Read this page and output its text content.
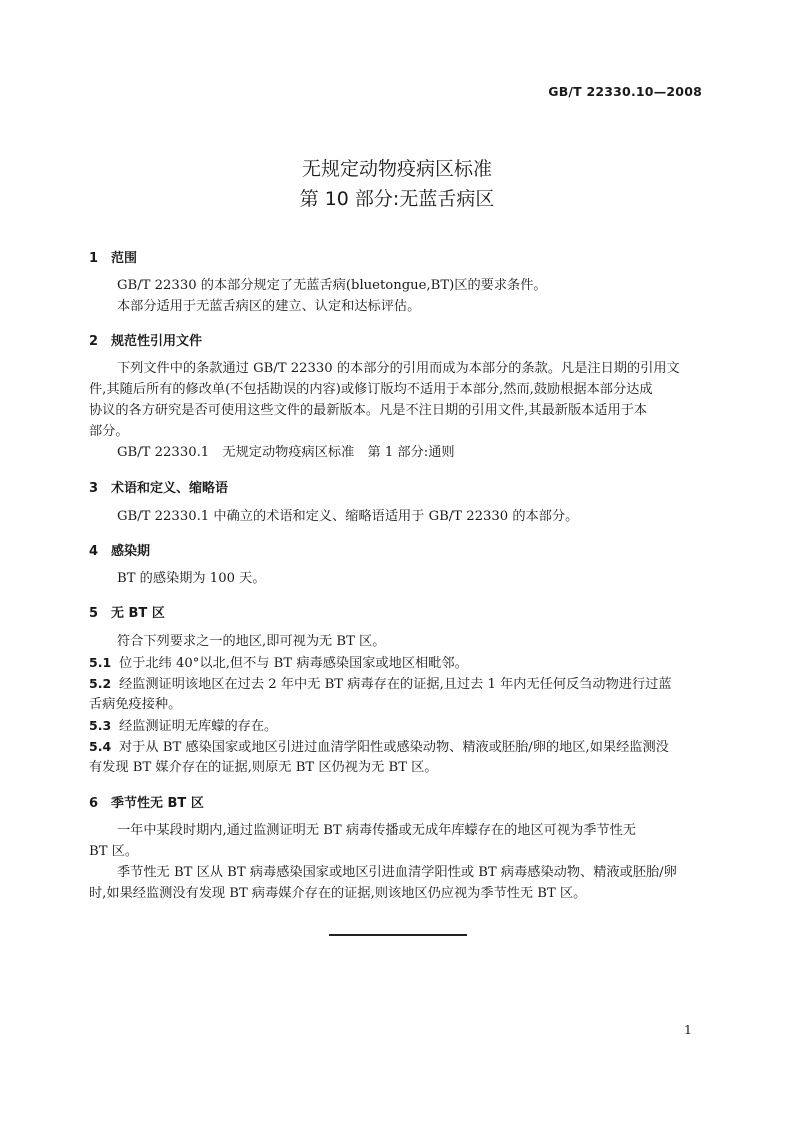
GB/T 22330.10—2008
无规定动物疫病区标准
第 10 部分:无蓝舌病区
1 范围
GB/T 22330 的本部分规定了无蓝舌病(bluetongue,BT)区的要求条件。
本部分适用于无蓝舌病区的建立、认定和达标评估。
2 规范性引用文件
下列文件中的条款通过 GB/T 22330 的本部分的引用而成为本部分的条款。凡是注日期的引用文
件,其随后所有的修改单(不包括勘误的内容)或修订版均不适用于本部分,然而,鼓励根据本部分达成
协议的各方研究是否可使用这些文件的最新版本。凡是不注日期的引用文件,其最新版本适用于本
部分。
GB/T 22330.1　无规定动物疫病区标准　第 1 部分:通则
3 术语和定义、缩略语
GB/T 22330.1 中确立的术语和定义、缩略语适用于 GB/T 22330 的本部分。
4 感染期
BT 的感染期为 100 天。
5 无 BT 区
符合下列要求之一的地区,即可视为无 BT 区。
5.1 位于北纬 40°以北,但不与 BT 病毒感染国家或地区相毗邻。
5.2 经监测证明该地区在过去 2 年中无 BT 病毒存在的证据,且过去 1 年内无任何反刍动物进行过蓝
舌病免疫接种。
5.3 经监测证明无库蠓的存在。
5.4 对于从 BT 感染国家或地区引进过血清学阳性或感染动物、精液或胚胎/卵的地区,如果经监测没
有发现 BT 媒介存在的证据,则原无 BT 区仍视为无 BT 区。
6 季节性无 BT 区
一年中某段时期内,通过监测证明无 BT 病毒传播或无成年库蠓存在的地区可视为季节性无
BT 区。
季节性无 BT 区从 BT 病毒感染国家或地区引进血清学阳性或 BT 病毒感染动物、精液或胚胎/卵
时,如果经监测没有发现 BT 病毒媒介存在的证据,则该地区仍应视为季节性无 BT 区。
1
